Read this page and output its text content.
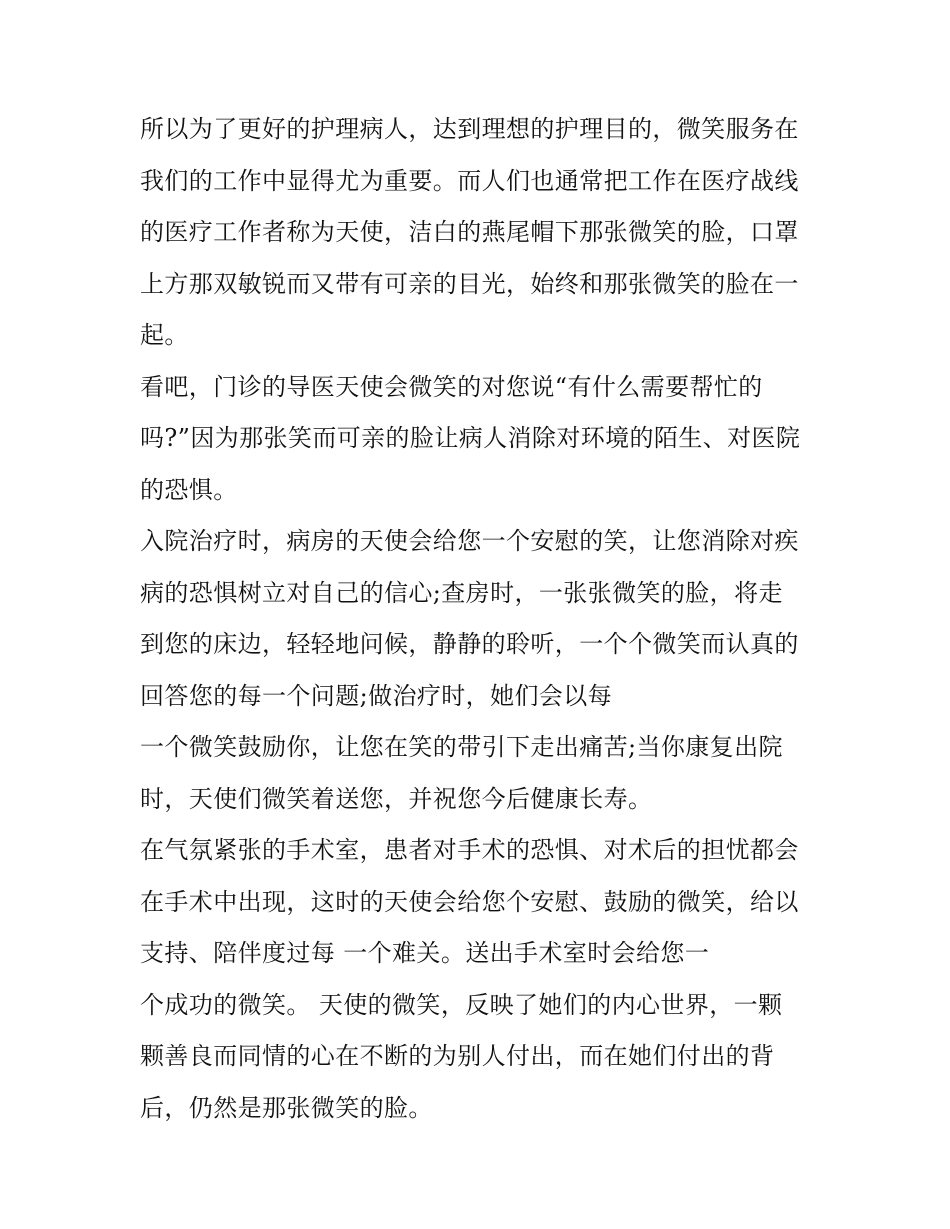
所以为了更好的护理病人，达到理想的护理目的，微笑服务在
我们的工作中显得尤为重要。而人们也通常把工作在医疗战线
的医疗工作者称为天使，洁白的燕尾帽下那张微笑的脸，口罩
上方那双敏锐而又带有可亲的目光，始终和那张微笑的脸在一
起。
看吧，门诊的导医天使会微笑的对您说“有什么需要帮忙的
吗?”因为那张笑而可亲的脸让病人消除对环境的陌生、对医院
的恐惧。
入院治疗时，病房的天使会给您一个安慰的笑，让您消除对疾
病的恐惧树立对自己的信心;查房时，一张张微笑的脸，将走
到您的床边，轻轻地问候，静静的聆听，一个个微笑而认真的
回答您的每一个问题;做治疗时，她们会以每
一个微笑鼓励你，让您在笑的带引下走出痛苦;当你康复出院
时，天使们微笑着送您，并祝您今后健康长寿。
在气氛紧张的手术室，患者对手术的恐惧、对术后的担忧都会
在手术中出现，这时的天使会给您个安慰、鼓励的微笑，给以
支持、陪伴度过每 一个难关。送出手术室时会给您一
个成功的微笑。 天使的微笑，反映了她们的内心世界，一颗
颗善良而同情的心在不断的为别人付出，而在她们付出的背
后，仍然是那张微笑的脸。
